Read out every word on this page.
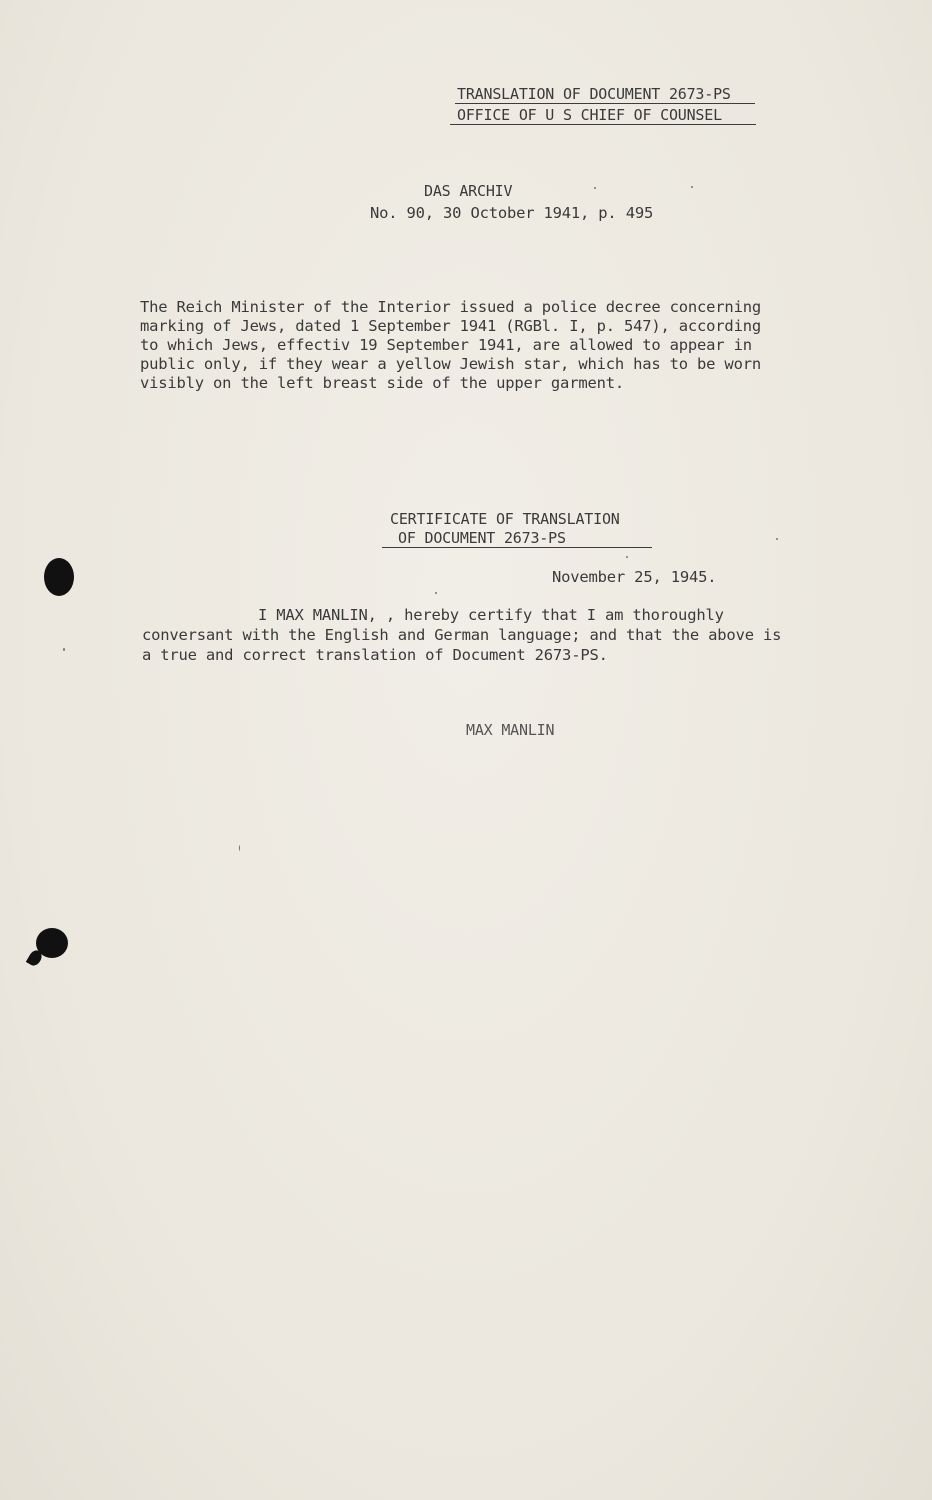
TRANSLATION OF DOCUMENT 2673-PS
OFFICE OF U S CHIEF OF COUNSEL
DAS ARCHIV
No. 90, 30 October 1941, p. 495
The Reich Minister of the Interior issued a police decree concerning
marking of Jews, dated 1 September 1941 (RGBl. I, p. 547), according
to which Jews, effectiv 19 September 1941, are allowed to appear in
public only, if they wear a yellow Jewish star, which has to be worn
visibly on the left breast side of the upper garment.
CERTIFICATE OF TRANSLATION
OF DOCUMENT 2673-PS
November 25, 1945.
I MAX MANLIN, , hereby certify that I am thoroughly
conversant with the English and German language; and that the above is
a true and correct translation of Document 2673-PS.
MAX MANLIN
